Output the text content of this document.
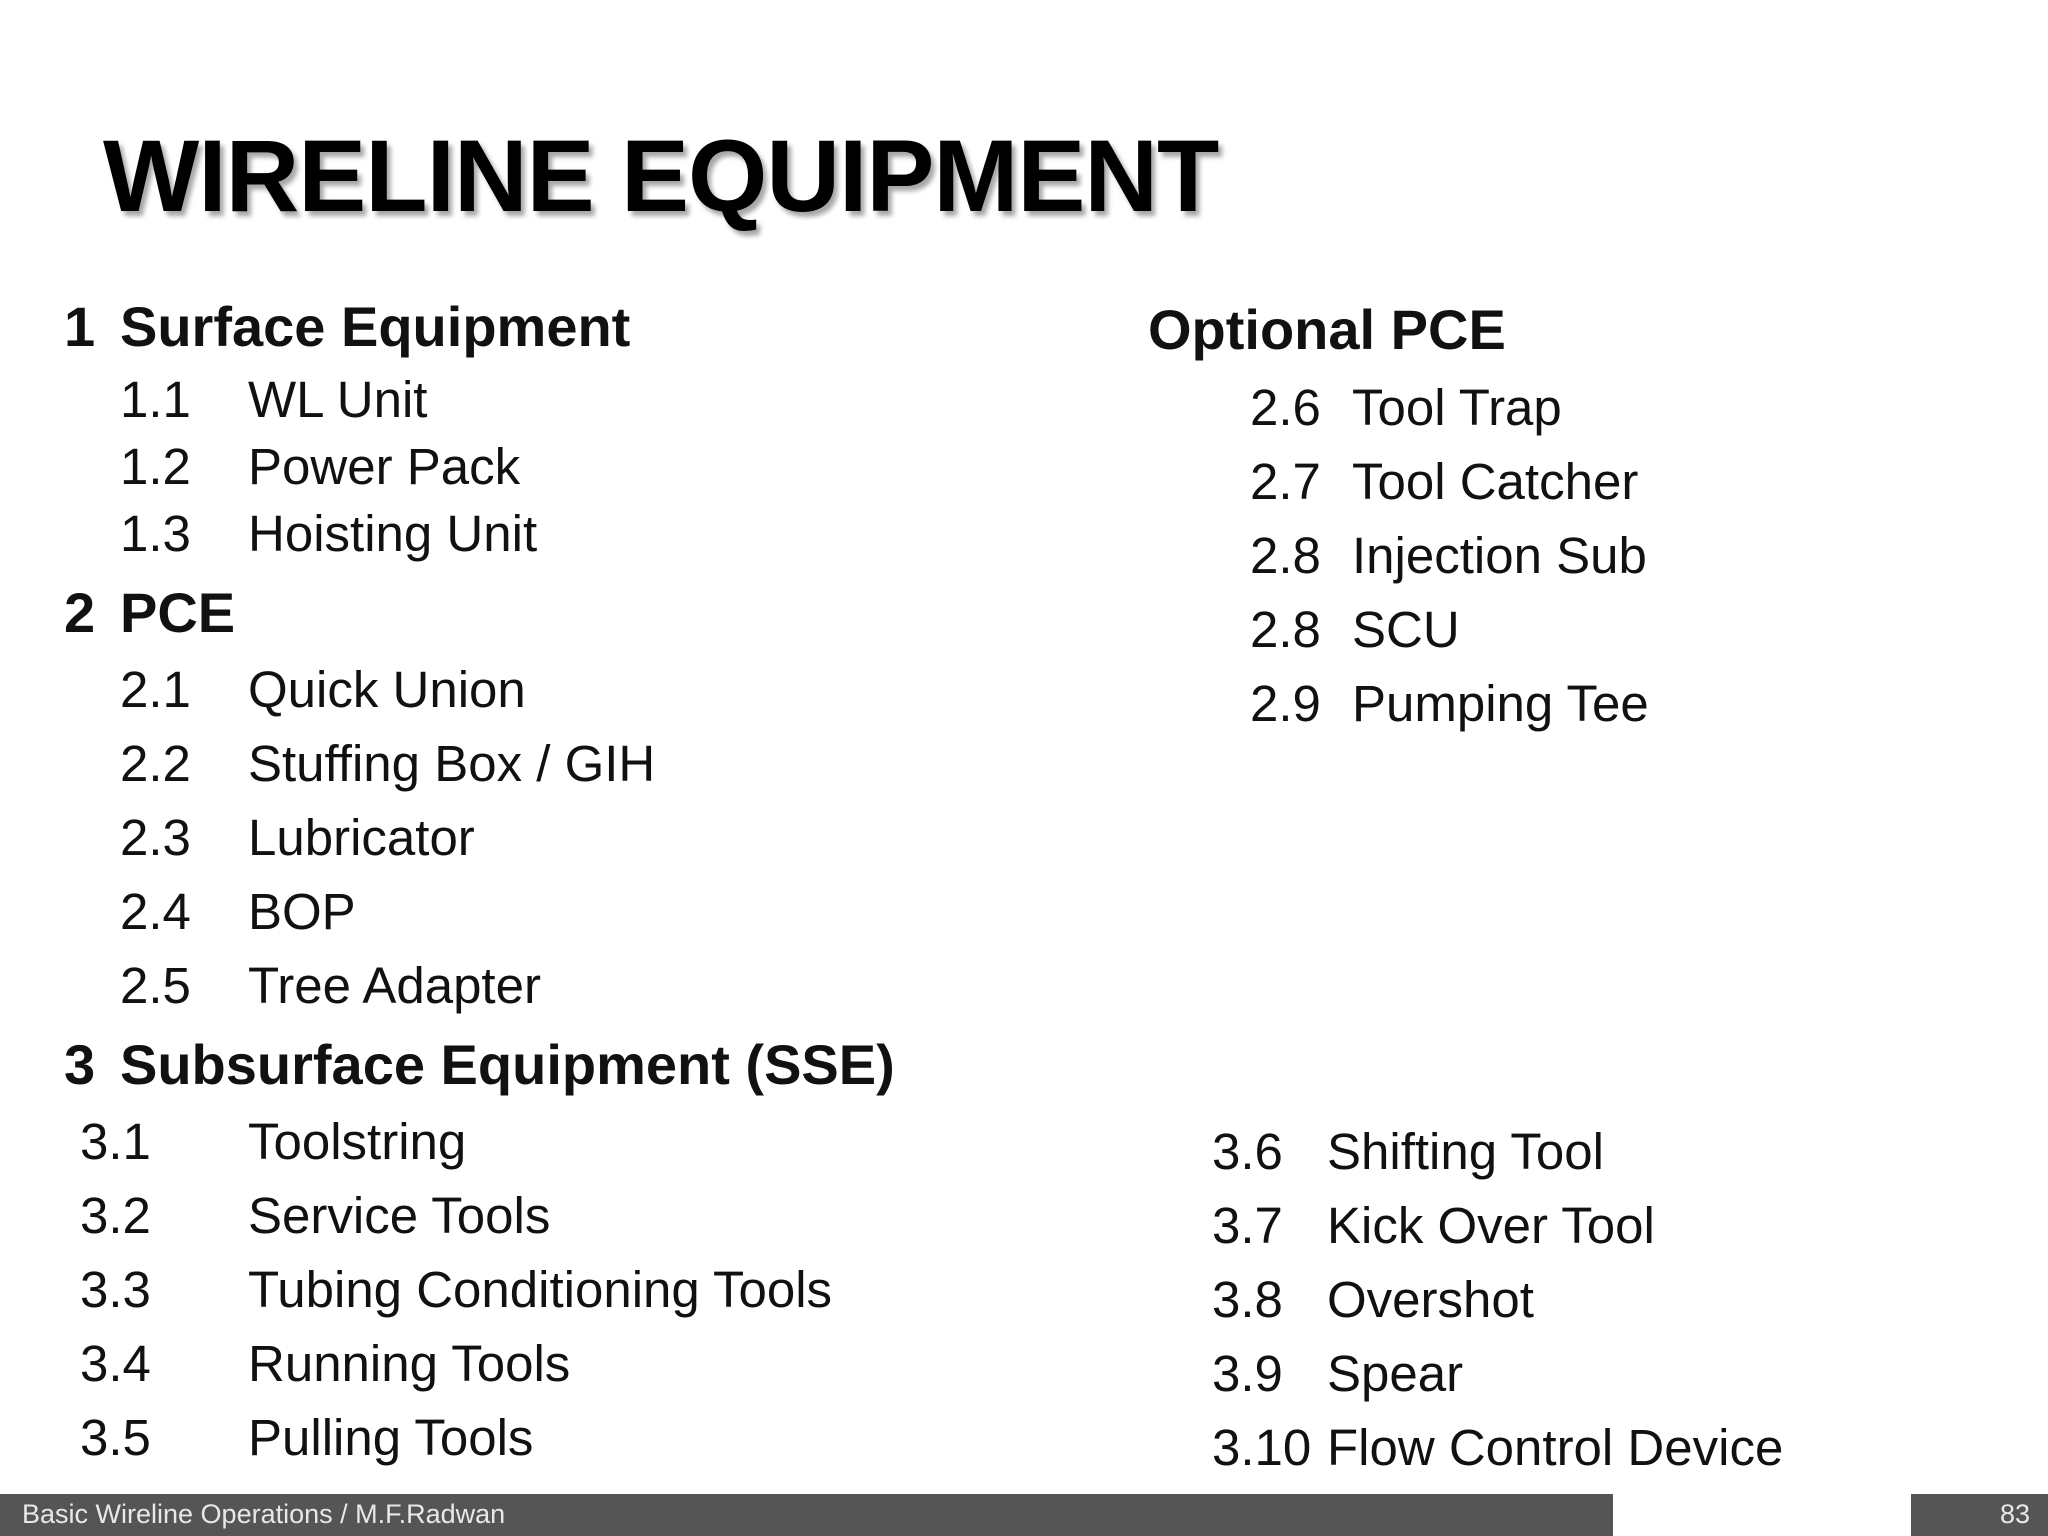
WIRELINE EQUIPMENT
1 Surface Equipment
1.1 WL Unit
1.2 Power Pack
1.3 Hoisting Unit
2 PCE
2.1 Quick Union
2.2 Stuffing Box / GIH
2.3 Lubricator
2.4 BOP
2.5 Tree Adapter
3 Subsurface Equipment (SSE)
3.1 Toolstring
3.2 Service Tools
3.3 Tubing Conditioning Tools
3.4 Running Tools
3.5 Pulling Tools
Optional PCE
2.6 Tool Trap
2.7 Tool Catcher
2.8 Injection Sub
2.8 SCU
2.9 Pumping Tee
3.6 Shifting Tool
3.7 Kick Over Tool
3.8 Overshot
3.9 Spear
3.10 Flow Control Device
Basic Wireline Operations / M.F.Radwan	83
